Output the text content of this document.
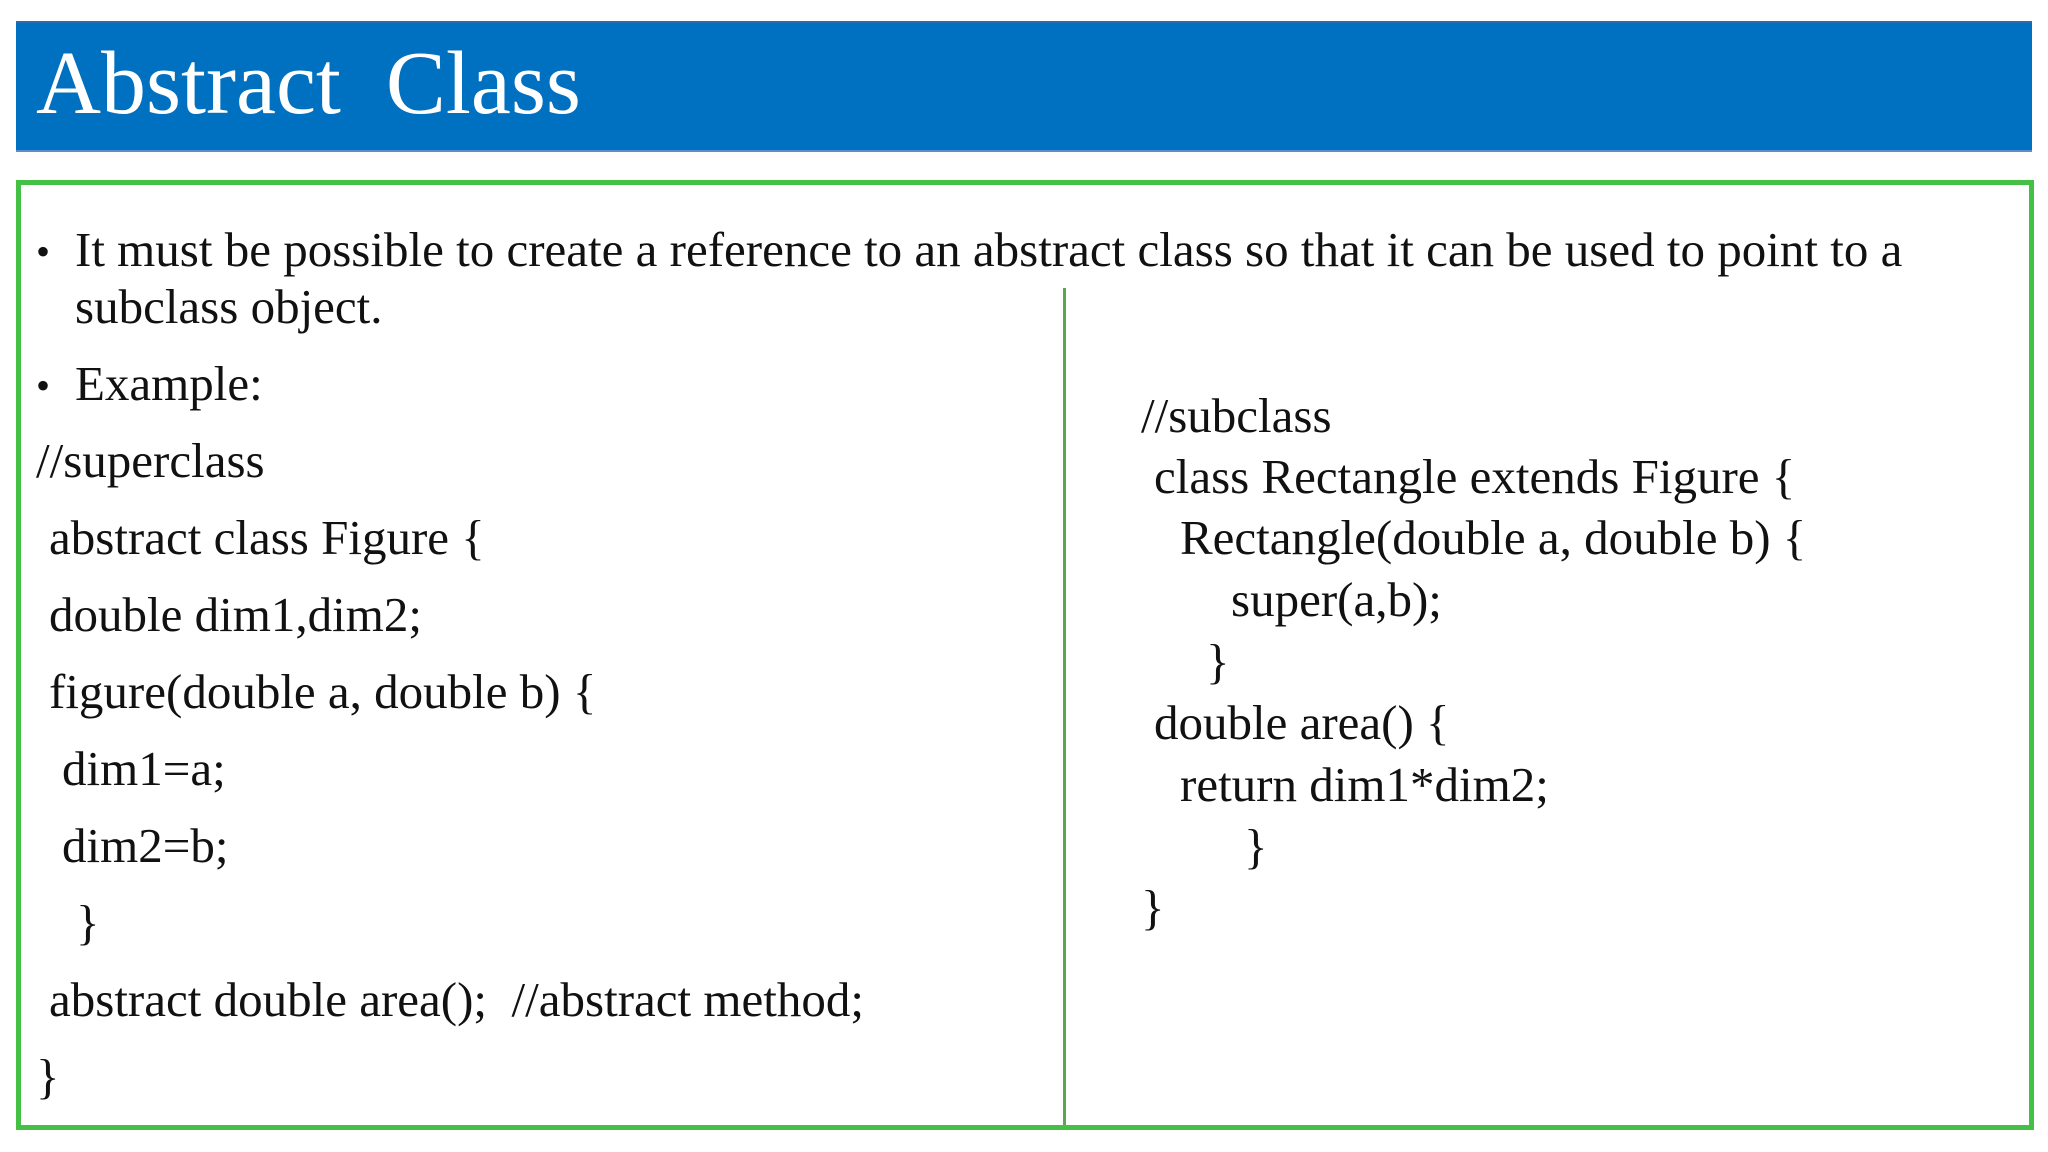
Abstract  Class
• It must be possible to create a reference to an abstract class so that it can be used to point to a
subclass object.
• Example:
//superclass
abstract class Figure {
double dim1,dim2;
figure(double a, double b) {
dim1=a;
dim2=b;
}
abstract double area();  //abstract method;
}
//subclass
class Rectangle extends Figure {
Rectangle(double a, double b) {
super(a,b);
}
double area() {
return dim1*dim2;
}
}
